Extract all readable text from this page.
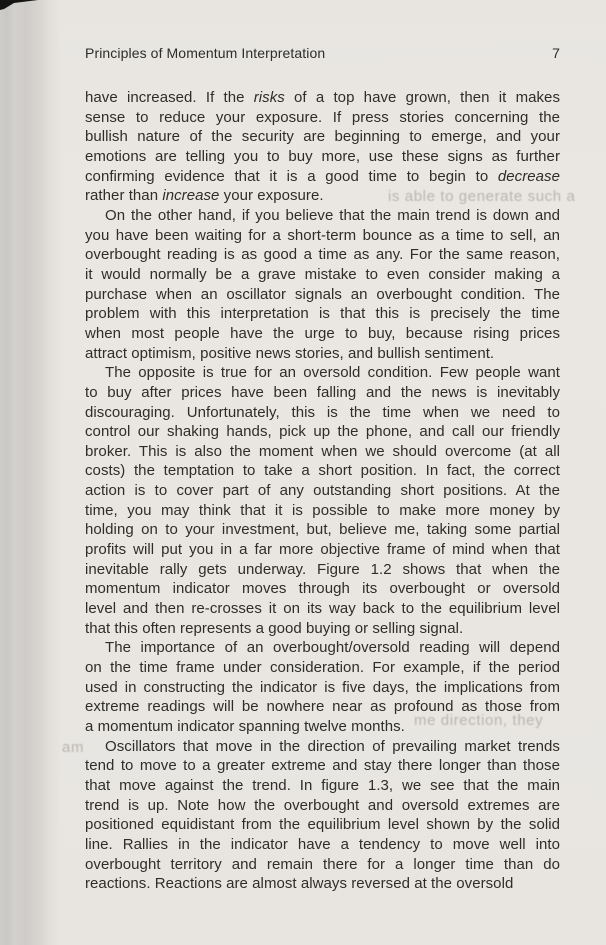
Principles of Momentum Interpretation	7
have increased. If the risks of a top have grown, then it makes
sense to reduce your exposure. If press stories concerning the
bullish nature of the security are beginning to emerge, and your
emotions are telling you to buy more, use these signs as further
confirming evidence that it is a good time to begin to decrease
rather than increase your exposure.
On the other hand, if you believe that the main trend is down and
you have been waiting for a short-term bounce as a time to sell, an
overbought reading is as good a time as any. For the same reason,
it would normally be a grave mistake to even consider making a
purchase when an oscillator signals an overbought condition. The
problem with this interpretation is that this is precisely the time
when most people have the urge to buy, because rising prices
attract optimism, positive news stories, and bullish sentiment.
The opposite is true for an oversold condition. Few people want
to buy after prices have been falling and the news is inevitably
discouraging. Unfortunately, this is the time when we need to
control our shaking hands, pick up the phone, and call our friendly
broker. This is also the moment when we should overcome (at all
costs) the temptation to take a short position. In fact, the correct
action is to cover part of any outstanding short positions. At the
time, you may think that it is possible to make more money by
holding on to your investment, but, believe me, taking some partial
profits will put you in a far more objective frame of mind when that
inevitable rally gets underway. Figure 1.2 shows that when the
momentum indicator moves through its overbought or oversold
level and then re-crosses it on its way back to the equilibrium level
that this often represents a good buying or selling signal.
The importance of an overbought/oversold reading will depend
on the time frame under consideration. For example, if the period
used in constructing the indicator is five days, the implications from
extreme readings will be nowhere near as profound as those from
a momentum indicator spanning twelve months.
Oscillators that move in the direction of prevailing market trends
tend to move to a greater extreme and stay there longer than those
that move against the trend. In figure 1.3, we see that the main
trend is up. Note how the overbought and oversold extremes are
positioned equidistant from the equilibrium level shown by the solid
line. Rallies in the indicator have a tendency to move well into
overbought territory and remain there for a longer time than do
reactions. Reactions are almost always reversed at the oversold
is able to generate such a
me direction, they
am
